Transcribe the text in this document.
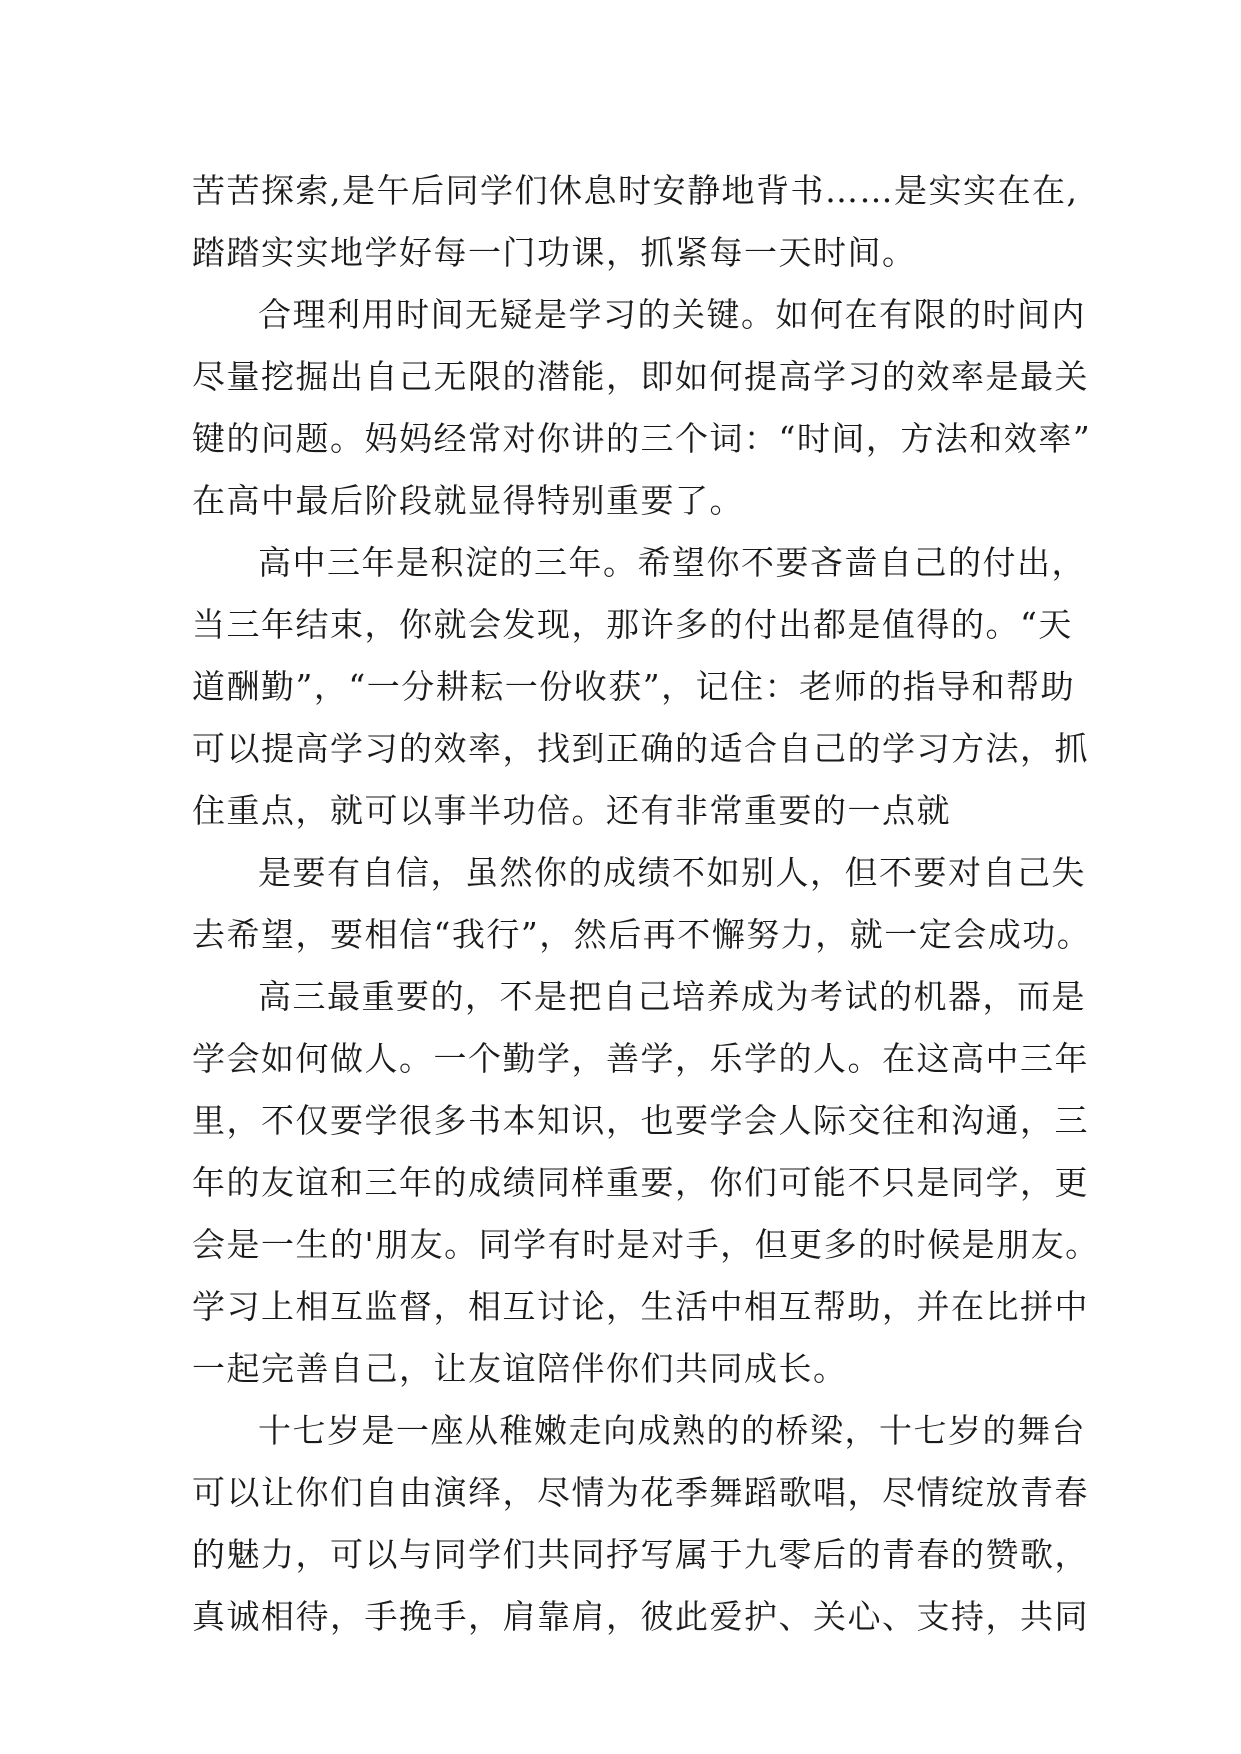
苦苦探索,是午后同学们休息时安静地背书……是实实在在,
踏踏实实地学好每一门功课，抓紧每一天时间。
合理利用时间无疑是学习的关键。如何在有限的时间内
尽量挖掘出自己无限的潜能，即如何提高学习的效率是最关
键的问题。妈妈经常对你讲的三个词：“时间，方法和效率”
在高中最后阶段就显得特别重要了。
高中三年是积淀的三年。希望你不要吝啬自己的付出，
当三年结束，你就会发现，那许多的付出都是值得的。“天
道酬勤”，“一分耕耘一份收获”，记住：老师的指导和帮助
可以提高学习的效率，找到正确的适合自己的学习方法，抓
住重点，就可以事半功倍。还有非常重要的一点就
是要有自信，虽然你的成绩不如别人，但不要对自己失
去希望，要相信“我行”，然后再不懈努力，就一定会成功。
高三最重要的，不是把自己培养成为考试的机器，而是
学会如何做人。一个勤学，善学，乐学的人。在这高中三年
里，不仅要学很多书本知识，也要学会人际交往和沟通，三
年的友谊和三年的成绩同样重要，你们可能不只是同学，更
会是一生的'朋友。同学有时是对手，但更多的时候是朋友。
学习上相互监督，相互讨论，生活中相互帮助，并在比拼中
一起完善自己，让友谊陪伴你们共同成长。
十七岁是一座从稚嫩走向成熟的的桥梁，十七岁的舞台
可以让你们自由演绎，尽情为花季舞蹈歌唱，尽情绽放青春
的魅力，可以与同学们共同抒写属于九零后的青春的赞歌，
真诚相待，手挽手，肩靠肩，彼此爱护、关心、支持，共同
